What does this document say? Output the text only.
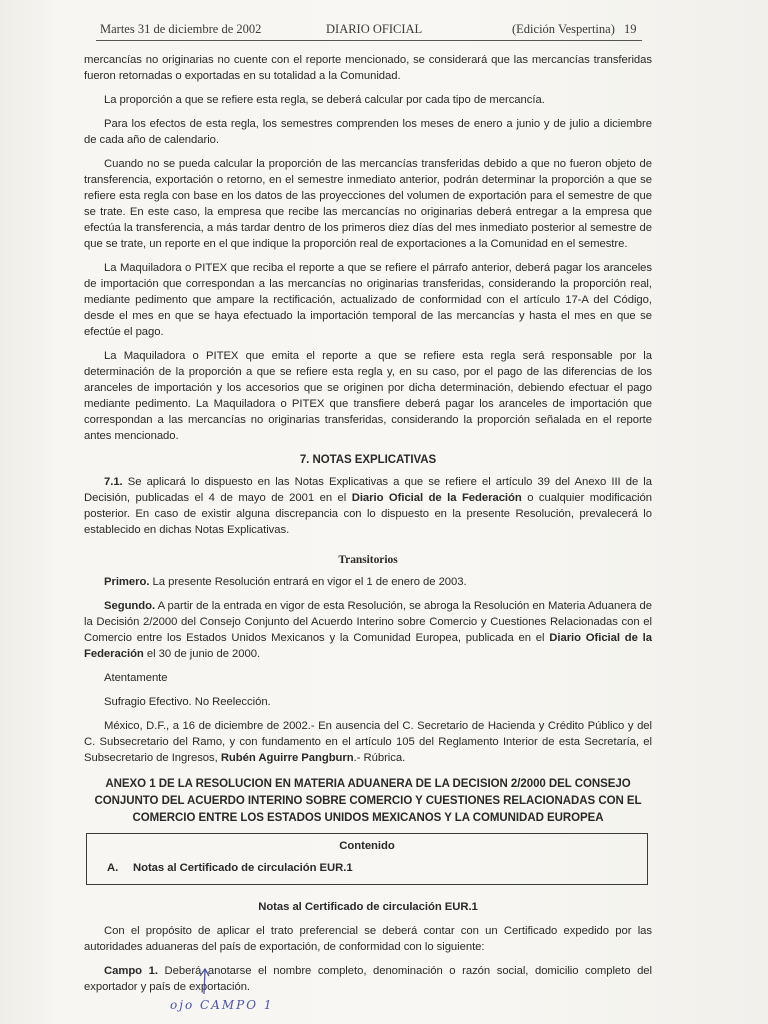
Martes 31 de diciembre de 2002	DIARIO OFICIAL	(Edición Vespertina) 19

mercancías no originarias no cuente con el reporte mencionado, se considerará que las mercancías transferidas fueron retornadas o exportadas en su totalidad a la Comunidad.

La proporción a que se refiere esta regla, se deberá calcular por cada tipo de mercancía.

Para los efectos de esta regla, los semestres comprenden los meses de enero a junio y de julio a diciembre de cada año de calendario.

Cuando no se pueda calcular la proporción de las mercancías transferidas debido a que no fueron objeto de transferencia, exportación o retorno, en el semestre inmediato anterior, podrán determinar la proporción a que se refiere esta regla con base en los datos de las proyecciones del volumen de exportación para el semestre de que se trate. En este caso, la empresa que recibe las mercancías no originarias deberá entregar a la empresa que efectúa la transferencia, a más tardar dentro de los primeros diez días del mes inmediato posterior al semestre de que se trate, un reporte en el que indique la proporción real de exportaciones a la Comunidad en el semestre.

La Maquiladora o PITEX que reciba el reporte a que se refiere el párrafo anterior, deberá pagar los aranceles de importación que correspondan a las mercancías no originarias transferidas, considerando la proporción real, mediante pedimento que ampare la rectificación, actualizado de conformidad con el artículo 17-A del Código, desde el mes en que se haya efectuado la importación temporal de las mercancías y hasta el mes en que se efectúe el pago.

La Maquiladora o PITEX que emita el reporte a que se refiere esta regla será responsable por la determinación de la proporción a que se refiere esta regla y, en su caso, por el pago de las diferencias de los aranceles de importación y los accesorios que se originen por dicha determinación, debiendo efectuar el pago mediante pedimento. La Maquiladora o PITEX que transfiere deberá pagar los aranceles de importación que correspondan a las mercancías no originarias transferidas, considerando la proporción señalada en el reporte antes mencionado.

7. NOTAS EXPLICATIVAS

7.1. Se aplicará lo dispuesto en las Notas Explicativas a que se refiere el artículo 39 del Anexo III de la Decisión, publicadas el 4 de mayo de 2001 en el Diario Oficial de la Federación o cualquier modificación posterior. En caso de existir alguna discrepancia con lo dispuesto en la presente Resolución, prevalecerá lo establecido en dichas Notas Explicativas.

Transitorios

Primero. La presente Resolución entrará en vigor el 1 de enero de 2003.

Segundo. A partir de la entrada en vigor de esta Resolución, se abroga la Resolución en Materia Aduanera de la Decisión 2/2000 del Consejo Conjunto del Acuerdo Interino sobre Comercio y Cuestiones Relacionadas con el Comercio entre los Estados Unidos Mexicanos y la Comunidad Europea, publicada en el Diario Oficial de la Federación el 30 de junio de 2000.

Atentamente

Sufragio Efectivo. No Reelección.

México, D.F., a 16 de diciembre de 2002.- En ausencia del C. Secretario de Hacienda y Crédito Público y del C. Subsecretario del Ramo, y con fundamento en el artículo 105 del Reglamento Interior de esta Secretaría, el Subsecretario de Ingresos, Rubén Aguirre Pangburn.- Rúbrica.

ANEXO 1 DE LA RESOLUCION EN MATERIA ADUANERA DE LA DECISION 2/2000 DEL CONSEJO CONJUNTO DEL ACUERDO INTERINO SOBRE COMERCIO Y CUESTIONES RELACIONADAS CON EL COMERCIO ENTRE LOS ESTADOS UNIDOS MEXICANOS Y LA COMUNIDAD EUROPEA
Contenido
A. Notas al Certificado de circulación EUR.1
Notas al Certificado de circulación EUR.1

Con el propósito de aplicar el trato preferencial se deberá contar con un Certificado expedido por las autoridades aduaneras del país de exportación, de conformidad con lo siguiente:

Campo 1. Deberá anotarse el nombre completo, denominación o razón social, domicilio completo del exportador y país de exportación.

ojo CAMPO 1
